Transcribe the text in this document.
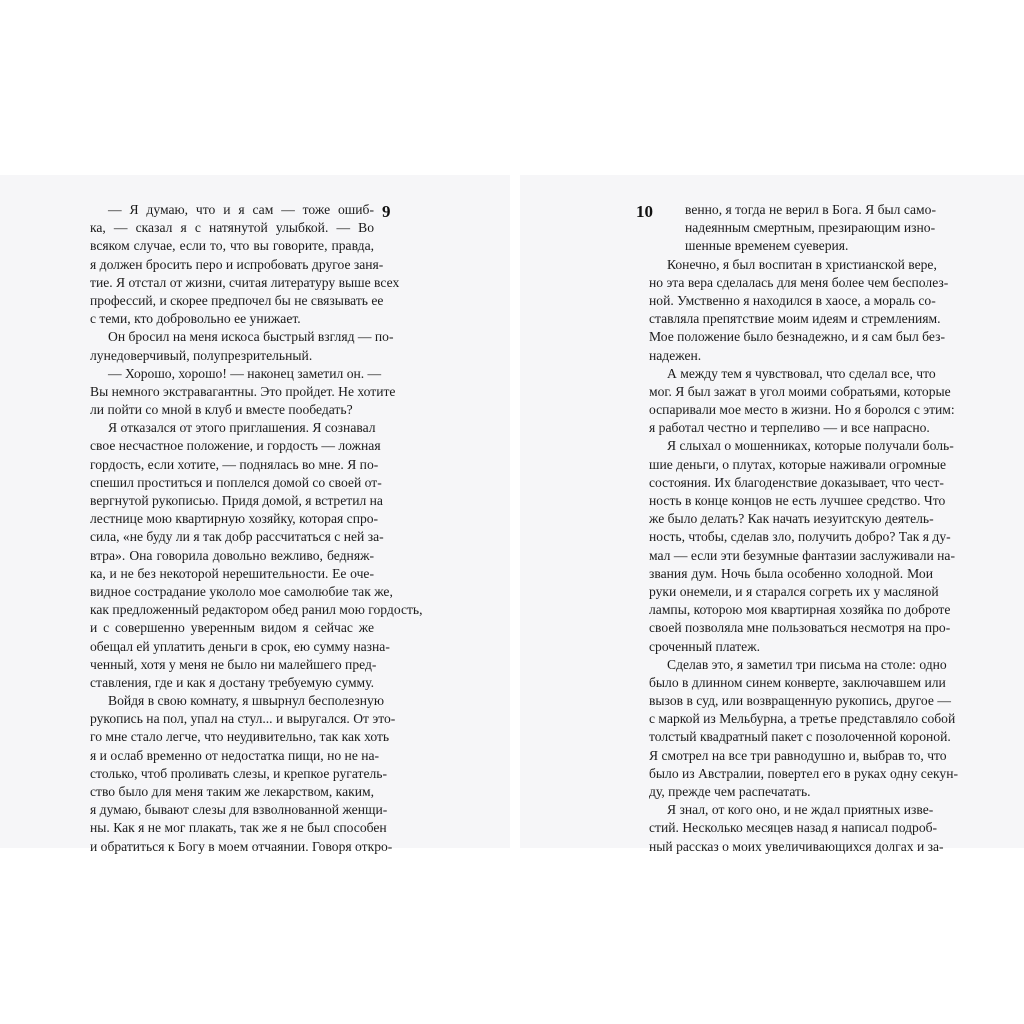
9	10
— Я думаю, что и я сам — тоже ошиб-
ка, — сказал я с натянутой улыбкой. — Во
всяком случае, если то, что вы говорите, правда,
я должен бросить перо и испробовать другое заня-
тие. Я отстал от жизни, считая литературу выше всех
профессий, и скорее предпочел бы не связывать ее
с теми, кто добровольно ее унижает.
Он бросил на меня искоса быстрый взгляд — по-
лунедоверчивый, полупрезрительный.
— Хорошо, хорошо! — наконец заметил он. —
Вы немного экстравагантны. Это пройдет. Не хотите
ли пойти со мной в клуб и вместе пообедать?
Я отказался от этого приглашения. Я сознавал
свое несчастное положение, и гордость — ложная
гордость, если хотите, — поднялась во мне. Я по-
спешил проститься и поплелся домой со своей от-
вергнутой рукописью. Придя домой, я встретил на
лестнице мою квартирную хозяйку, которая спро-
сила, «не буду ли я так добр рассчитаться с ней за-
втра». Она говорила довольно вежливо, бедняж-
ка, и не без некоторой нерешительности. Ее оче-
видное сострадание укололо мое самолюбие так же,
как предложенный редактором обед ранил мою гордость,
и с совершенно уверенным видом я сейчас же
обещал ей уплатить деньги в срок, ею сумму назна-
ченный, хотя у меня не было ни малейшего пред-
ставления, где и как я достану требуемую сумму.
Войдя в свою комнату, я швырнул бесполезную
рукопись на пол, упал на стул... и выругался. От это-
го мне стало легче, что неудивительно, так как хоть
я и ослаб временно от недостатка пищи, но не на-
столько, чтоб проливать слезы, и крепкое ругатель-
ство было для меня таким же лекарством, каким,
я думаю, бывают слезы для взволнованной женщи-
ны. Как я не мог плакать, так же я не был способен
и обратиться к Богу в моем отчаянии. Говоря откро-
венно, я тогда не верил в Бога. Я был само-
надеянным смертным, презирающим изно-
шенные временем суеверия.
Конечно, я был воспитан в христианской вере,
но эта вера сделалась для меня более чем бесполез-
ной. Умственно я находился в хаосе, а мораль со-
ставляла препятствие моим идеям и стремлениям.
Мое положение было безнадежно, и я сам был без-
надежен.
А между тем я чувствовал, что сделал все, что
мог. Я был зажат в угол моими собратьями, которые
оспаривали мое место в жизни. Но я боролся с этим:
я работал честно и терпеливо — и все напрасно.
Я слыхал о мошенниках, которые получали боль-
шие деньги, о плутах, которые наживали огромные
состояния. Их благоденствие доказывает, что чест-
ность в конце концов не есть лучшее средство. Что
же было делать? Как начать иезуитскую деятель-
ность, чтобы, сделав зло, получить добро? Так я ду-
мал — если эти безумные фантазии заслуживали на-
звания дум. Ночь была особенно холодной. Мои
руки онемели, и я старался согреть их у масляной
лампы, которою моя квартирная хозяйка по доброте
своей позволяла мне пользоваться несмотря на про-
сроченный платеж.
Сделав это, я заметил три письма на столе: одно
было в длинном синем конверте, заключавшем или
вызов в суд, или возвращенную рукопись, другое —
с маркой из Мельбурна, а третье представляло собой
толстый квадратный пакет с позолоченной короной.
Я смотрел на все три равнодушно и, выбрав то, что
было из Австралии, повертел его в руках одну секун-
ду, прежде чем распечатать.
Я знал, от кого оно, и не ждал приятных изве-
стий. Несколько месяцев назад я написал подроб-
ный рассказ о моих увеличивающихся долгах и за-
